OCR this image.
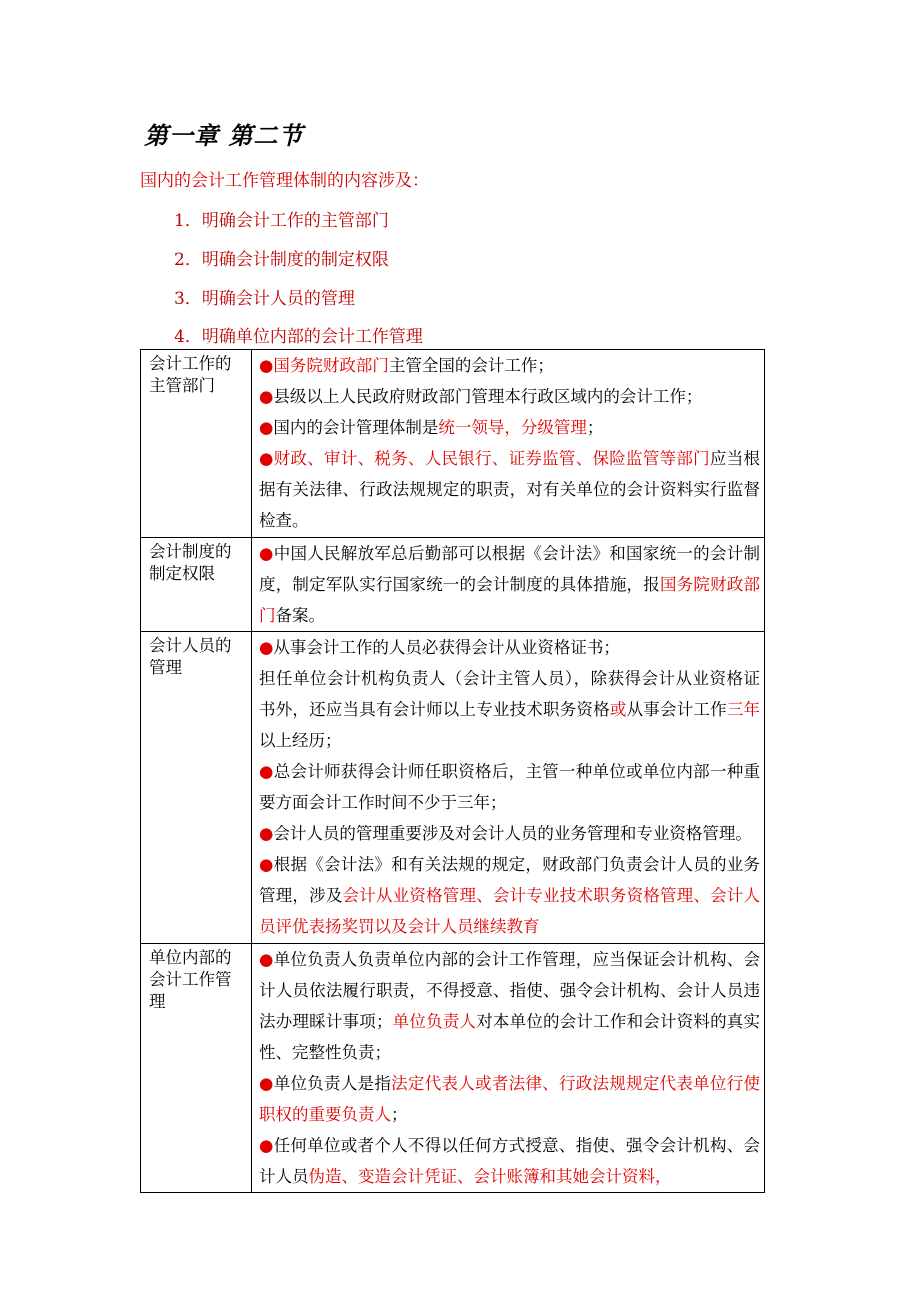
第一章 第二节
国内的会计工作管理体制的内容涉及：
1．明确会计工作的主管部门
2．明确会计制度的制定权限
3．明确会计人员的管理
4．明确单位内部的会计工作管理
会计工作的主管部门	●国务院财政部门主管全国的会计工作；
●县级以上人民政府财政部门管理本行政区域内的会计工作；
●国内的会计管理体制是统一领导，分级管理；
●财政、审计、税务、人民银行、证券监管、保险监管等部门应当根据有关法律、行政法规规定的职责，对有关单位的会计资料实行监督检查。

会计制度的制定权限	●中国人民解放军总后勤部可以根据《会计法》和国家统一的会计制度，制定军队实行国家统一的会计制度的具体措施，报国务院财政部门备案。

会计人员的管理	●从事会计工作的人员必获得会计从业资格证书；
担任单位会计机构负责人（会计主管人员），除获得会计从业资格证书外，还应当具有会计师以上专业技术职务资格或从事会计工作三年以上经历；
●总会计师获得会计师任职资格后，主管一种单位或单位内部一种重要方面会计工作时间不少于三年；
●会计人员的管理重要涉及对会计人员的业务管理和专业资格管理。
●根据《会计法》和有关法规的规定，财政部门负责会计人员的业务管理，涉及会计从业资格管理、会计专业技术职务资格管理、会计人员评优表扬奖罚以及会计人员继续教育

单位内部的会计工作管理	●单位负责人负责单位内部的会计工作管理，应当保证会计机构、会计人员依法履行职责，不得授意、指使、强令会计机构、会计人员违法办理睬计事项；单位负责人对本单位的会计工作和会计资料的真实性、完整性负责；
●单位负责人是指法定代表人或者法律、行政法规规定代表单位行使职权的重要负责人；
●任何单位或者个人不得以任何方式授意、指使、强令会计机构、会计人员伪造、变造会计凭证、会计账簿和其她会计资料，
